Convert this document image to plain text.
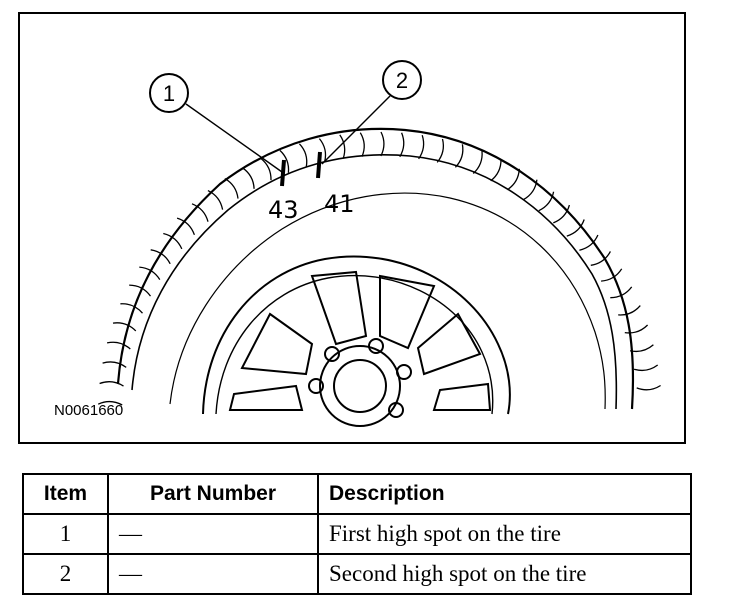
43 41
1
2
N0061660
Item	Part Number	Description
1	—	First high spot on the tire
2	—	Second high spot on the tire
